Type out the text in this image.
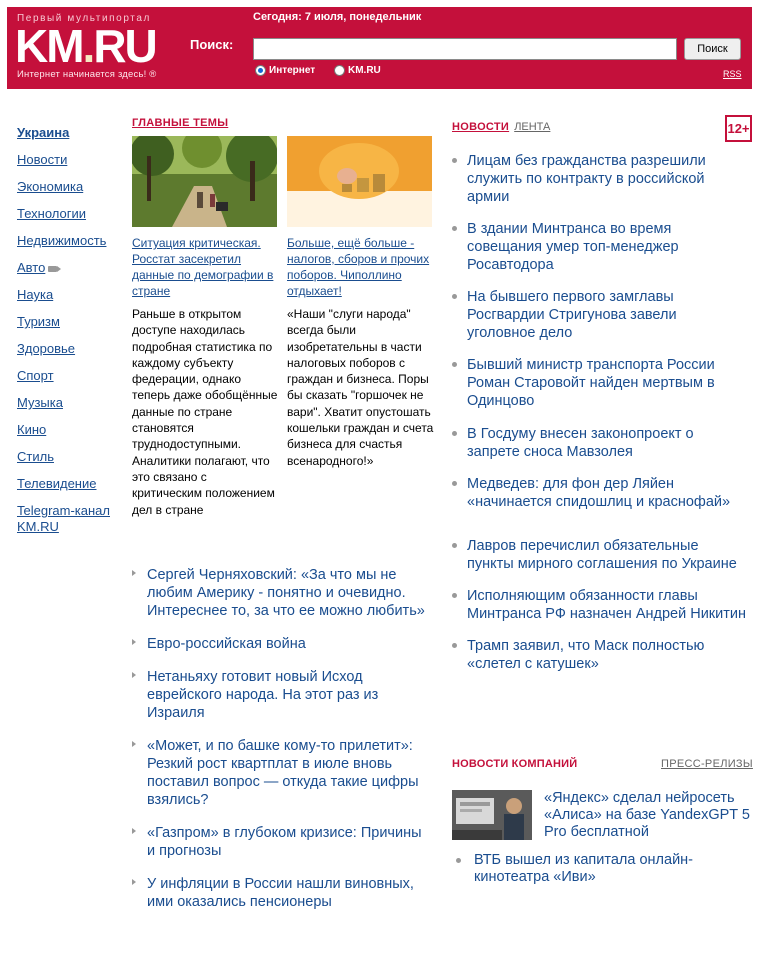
Первый мультипортал
KM.RU
Интернет начинается здесь! ®
Сегодня: 7 июля, понедельник
Поиск:	Поиск
Интернет	KM.RU	RSS
Украина
Новости
Экономика
Технологии
Недвижимость
Авто
Наука
Туризм
Здоровье
Спорт
Музыка
Кино
Стиль
Телевидение
Telegram-канал KM.RU
ГЛАВНЫЕ ТЕМЫ
Ситуация критическая. Росстат засекретил данные по демографии в стране
Раньше в открытом доступе находилась подробная статистика по каждому субъекту федерации, однако теперь даже обобщённые данные по стране становятся труднодоступными. Аналитики полагают, что это связано с критическим положением дел в стране
Больше, ещё больше - налогов, сборов и прочих поборов. Чиполлино отдыхает!
«Наши "слуги народа" всегда были изобретательны в части налоговых поборов с граждан и бизнеса. Поры бы сказать "горшочек не вари". Хватит опустошать кошельки граждан и счета бизнеса для счастья всенародного!»
Сергей Черняховский: «За что мы не любим Америку - понятно и очевидно. Интереснее то, за что ее можно любить»
Евро-российская война
Нетаньяху готовит новый Исход еврейского народа. На этот раз из Израиля
«Может, и по башке кому-то прилетит»: Резкий рост квартплат в июле вновь поставил вопрос — откуда такие цифры взялись?
«Газпром» в глубоком кризисе: Причины и прогнозы
У инфляции в России нашли виновных, ими оказались пенсионеры
НОВОСТИ ЛЕНТА	12+
Лицам без гражданства разрешили служить по контракту в российской армии
В здании Минтранса во время совещания умер топ-менеджер Росавтодора
На бывшего первого замглавы Росгвардии Стригунова завели уголовное дело
Бывший министр транспорта России Роман Старовойт найден мертвым в Одинцово
В Госдуму внесен законопроект о запрете сноса Мавзолея
Медведев: для фон дер Ляйен «начинается спидошлиц и краснофай»
Лавров перечислил обязательные пункты мирного соглашения по Украине
Исполняющим обязанности главы Минтранса РФ назначен Андрей Никитин
Трамп заявил, что Маск полностью «слетел с катушек»
НОВОСТИ КОМПАНИЙ	ПРЕСС-РЕЛИЗЫ
«Яндекс» сделал нейросеть «Алиса» на базе YandexGPT 5 Pro бесплатной
ВТБ вышел из капитала онлайн-кинотеатра «Иви»
